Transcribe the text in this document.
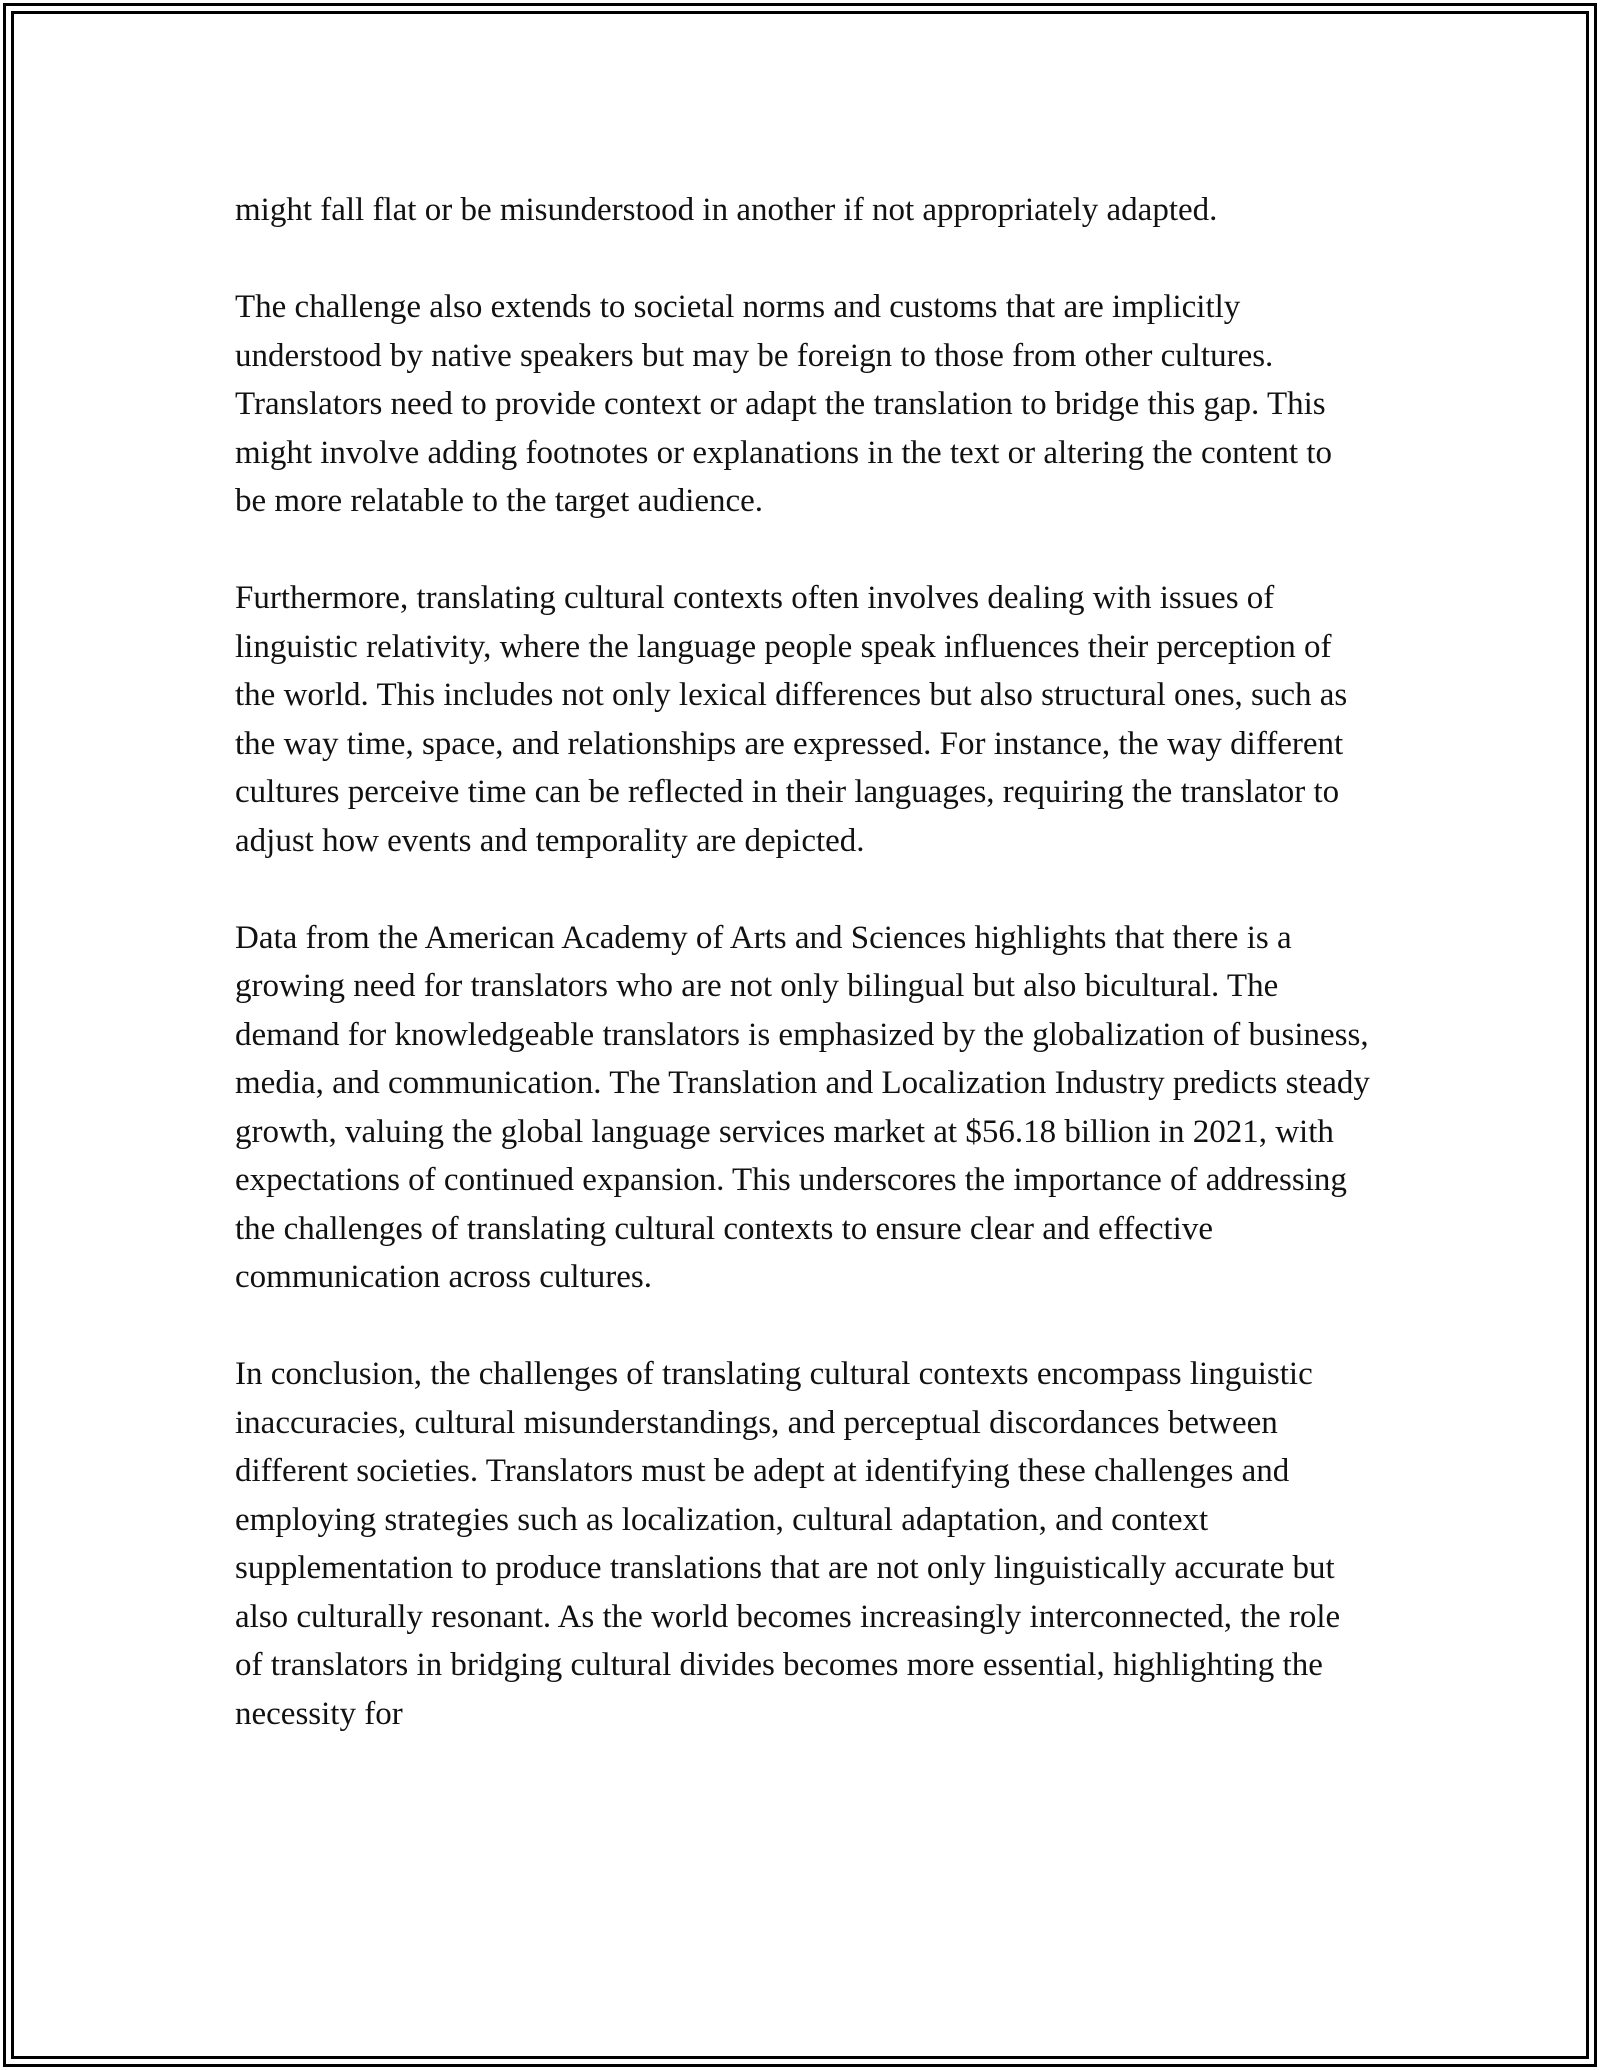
might fall flat or be misunderstood in another if not appropriately adapted.

The challenge also extends to societal norms and customs that are implicitly understood by native speakers but may be foreign to those from other cultures. Translators need to provide context or adapt the translation to bridge this gap. This might involve adding footnotes or explanations in the text or altering the content to be more relatable to the target audience.

Furthermore, translating cultural contexts often involves dealing with issues of linguistic relativity, where the language people speak influences their perception of the world. This includes not only lexical differences but also structural ones, such as the way time, space, and relationships are expressed. For instance, the way different cultures perceive time can be reflected in their languages, requiring the translator to adjust how events and temporality are depicted.

Data from the American Academy of Arts and Sciences highlights that there is a growing need for translators who are not only bilingual but also bicultural. The demand for knowledgeable translators is emphasized by the globalization of business, media, and communication. The Translation and Localization Industry predicts steady growth, valuing the global language services market at $56.18 billion in 2021, with expectations of continued expansion. This underscores the importance of addressing the challenges of translating cultural contexts to ensure clear and effective communication across cultures.

In conclusion, the challenges of translating cultural contexts encompass linguistic inaccuracies, cultural misunderstandings, and perceptual discordances between different societies. Translators must be adept at identifying these challenges and employing strategies such as localization, cultural adaptation, and context supplementation to produce translations that are not only linguistically accurate but also culturally resonant. As the world becomes increasingly interconnected, the role of translators in bridging cultural divides becomes more essential, highlighting the necessity for
